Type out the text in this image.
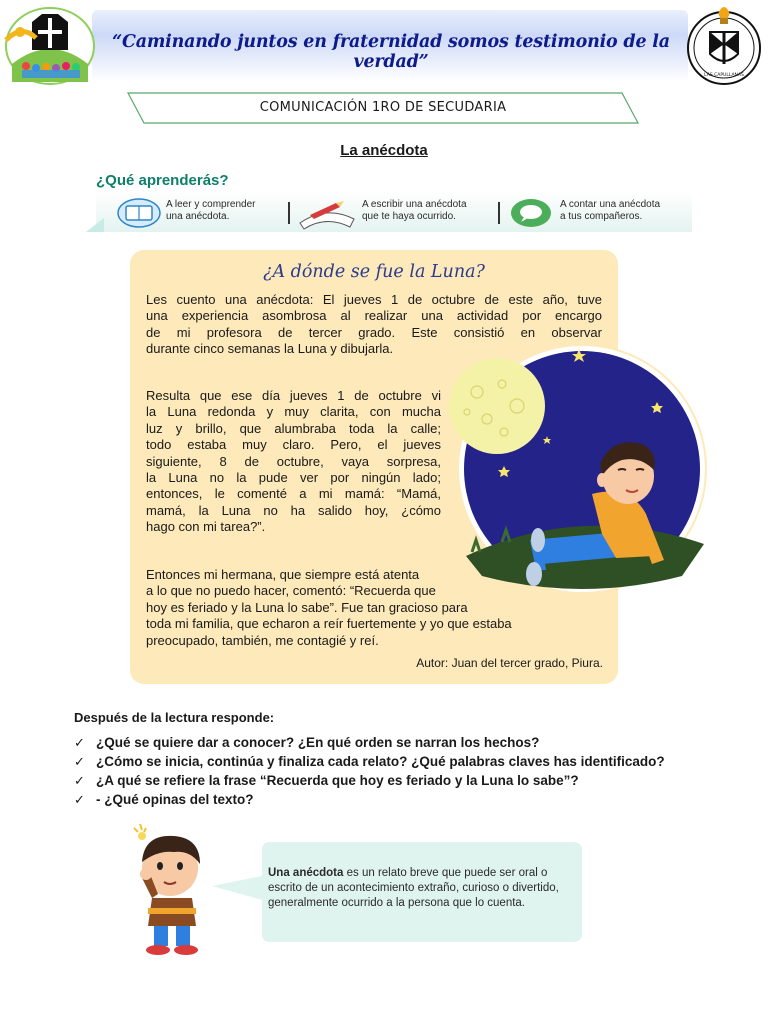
LAS CAPULLANAS
“Caminando juntos en fraternidad somos testimonio de la verdad”
COMUNICACIÓN 1RO DE SECUDARIA
La anécdota
¿Qué aprenderás?
A leer y comprender
una anécdota.
A escribir una anécdota
que te haya ocurrido.
A contar una anécdota
a tus compañeros.
¿A dónde se fue la Luna?
Les cuento una anécdota: El jueves 1 de octubre de este año, tuve
una experiencia asombrosa al realizar una actividad por encargo
de mi profesora de tercer grado. Este consistió en observar
durante cinco semanas la Luna y dibujarla.
Resulta que ese día jueves 1 de octubre vi
la Luna redonda y muy clarita, con mucha
luz y brillo, que alumbraba toda la calle;
todo estaba muy claro. Pero, el jueves
siguiente, 8 de octubre, vaya sorpresa,
la Luna no la pude ver por ningún lado;
entonces, le comenté a mi mamá: “Mamá,
mamá, la Luna no ha salido hoy, ¿cómo
hago con mi tarea?”.
Entonces mi hermana, que siempre está atenta
a lo que no puedo hacer, comentó: “Recuerda que
hoy es feriado y la Luna lo sabe”. Fue tan gracioso para
toda mi familia, que echaron a reír fuertemente y yo que estaba
preocupado, también, me contagié y reí.
Autor: Juan del tercer grado, Piura.
Después de la lectura responde:
✓ ¿Qué se quiere dar a conocer? ¿En qué orden se narran los hechos?
✓ ¿Cómo se inicia, continúa y finaliza cada relato? ¿Qué palabras claves has identificado?
✓ ¿A qué se refiere la frase “Recuerda que hoy es feriado y la Luna lo sabe”?
✓ - ¿Qué opinas del texto?
Una anécdota es un relato breve que puede ser oral o escrito de un acontecimiento extraño, curioso o divertido, generalmente ocurrido a la persona que lo cuenta.
